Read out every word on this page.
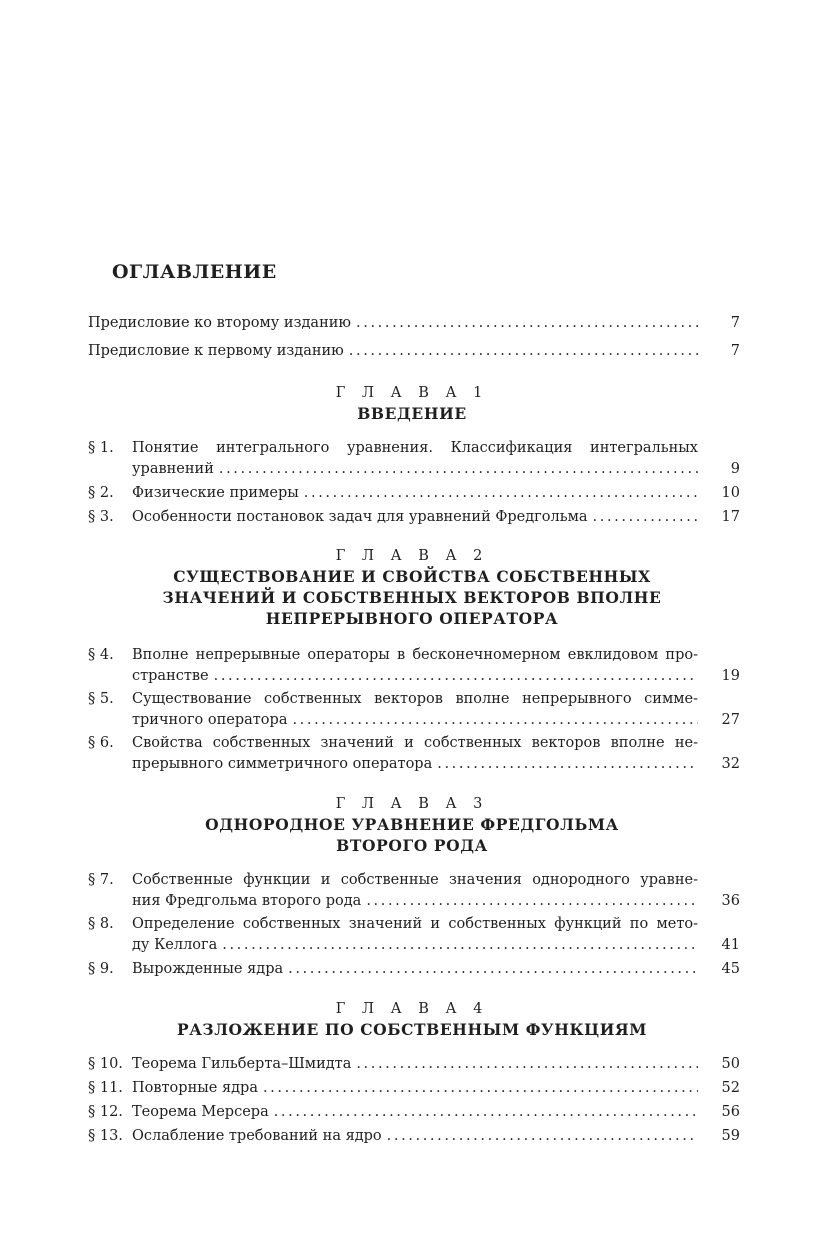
ОГЛАВЛЕНИЕ
Предисловие ко второму изданию .....	7
Предисловие к первому изданию .....	7
Г Л А В А 1
ВВЕДЕНИЕ
§ 1.	Понятие интегрального уравнения. Классификация интегральных
уравнений .....	9
§ 2.	Физические примеры .....	10
§ 3.	Особенности постановок задач для уравнений Фредгольма .....	17
Г Л А В А 2
СУЩЕСТВОВАНИЕ И СВОЙСТВА СОБСТВЕННЫХ
ЗНАЧЕНИЙ И СОБСТВЕННЫХ ВЕКТОРОВ ВПОЛНЕ
НЕПРЕРЫВНОГО ОПЕРАТОРА
§ 4.	Вполне непрерывные операторы в бесконечномерном евклидовом про-
странстве .....	19
§ 5.	Существование собственных векторов вполне непрерывного симме-
тричного оператора .....	27
§ 6.	Свойства собственных значений и собственных векторов вполне не-
прерывного симметричного оператора .....	32
Г Л А В А 3
ОДНОРОДНОЕ УРАВНЕНИЕ ФРЕДГОЛЬМА
ВТОРОГО РОДА
§ 7.	Собственные функции и собственные значения однородного уравне-
ния Фредгольма второго рода .....	36
§ 8.	Определение собственных значений и собственных функций по мето-
ду Келлога .....	41
§ 9.	Вырожденные ядра .....	45
Г Л А В А 4
РАЗЛОЖЕНИЕ ПО СОБСТВЕННЫМ ФУНКЦИЯМ
§ 10. Теорема Гильберта–Шмидта .....	50
§ 11. Повторные ядра .....	52
§ 12. Теорема Мерсера .....	56
§ 13. Ослабление требований на ядро .....	59
